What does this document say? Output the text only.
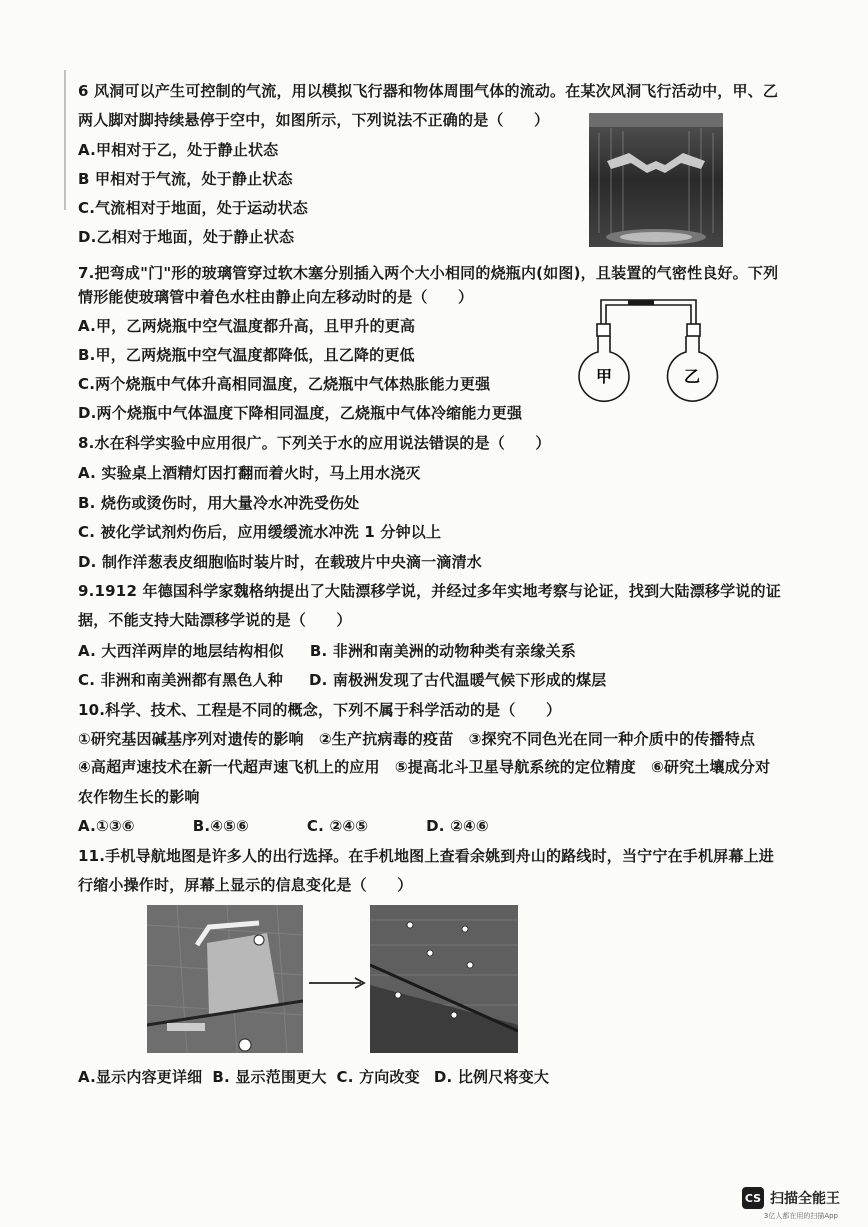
6 风洞可以产生可控制的气流，用以模拟飞行器和物体周围气体的流动。在某次风洞飞行活动中，甲、乙
两人脚对脚持续悬停于空中，如图所示，下列说法不正确的是（　　）
A.甲相对于乙，处于静止状态
B 甲相对于气流，处于静止状态
C.气流相对于地面，处于运动状态
D.乙相对于地面，处于静止状态
7.把弯成"门"形的玻璃管穿过软木塞分别插入两个大小相同的烧瓶内(如图)，且装置的气密性良好。下列
情形能使玻璃管中着色水柱由静止向左移动时的是（　　）
A.甲，乙两烧瓶中空气温度都升高，且甲升的更高
B.甲，乙两烧瓶中空气温度都降低，且乙降的更低
C.两个烧瓶中气体升高相同温度，乙烧瓶中气体热胀能力更强
D.两个烧瓶中气体温度下降相同温度，乙烧瓶中气体冷缩能力更强
甲	乙
8.水在科学实验中应用很广。下列关于水的应用说法错误的是（　　）
A. 实验桌上酒精灯因打翻而着火时，马上用水浇灭
B. 烧伤或烫伤时，用大量冷水冲洗受伤处
C. 被化学试剂灼伤后，应用缓缓流水冲洗 1 分钟以上
D. 制作洋葱表皮细胞临时装片时，在载玻片中央滴一滴清水
9.1912 年德国科学家魏格纳提出了大陆漂移学说，并经过多年实地考察与论证，找到大陆漂移学说的证
据，不能支持大陆漂移学说的是（　　）
A. 大西洋两岸的地层结构相似 B. 非洲和南美洲的动物种类有亲缘关系
C. 非洲和南美洲都有黑色人种 D. 南极洲发现了古代温暖气候下形成的煤层
10.科学、技术、工程是不同的概念，下列不属于科学活动的是（　　）
①研究基因碱基序列对遗传的影响　②生产抗病毒的疫苗　③探究不同色光在同一种介质中的传播特点
④高超声速技术在新一代超声速飞机上的应用　⑤提高北斗卫星导航系统的定位精度　⑥研究土壤成分对
农作物生长的影响
A.①③⑥	B.④⑤⑥	C. ②④⑤	D. ②④⑥
11.手机导航地图是许多人的出行选择。在手机地图上查看余姚到舟山的路线时，当宁宁在手机屏幕上进
行缩小操作时，屏幕上显示的信息变化是（　　）
A.显示内容更详细 B. 显示范围更大 C. 方向改变 D. 比例尺将变大
CS 扫描全能王
3亿人都在用的扫描App
